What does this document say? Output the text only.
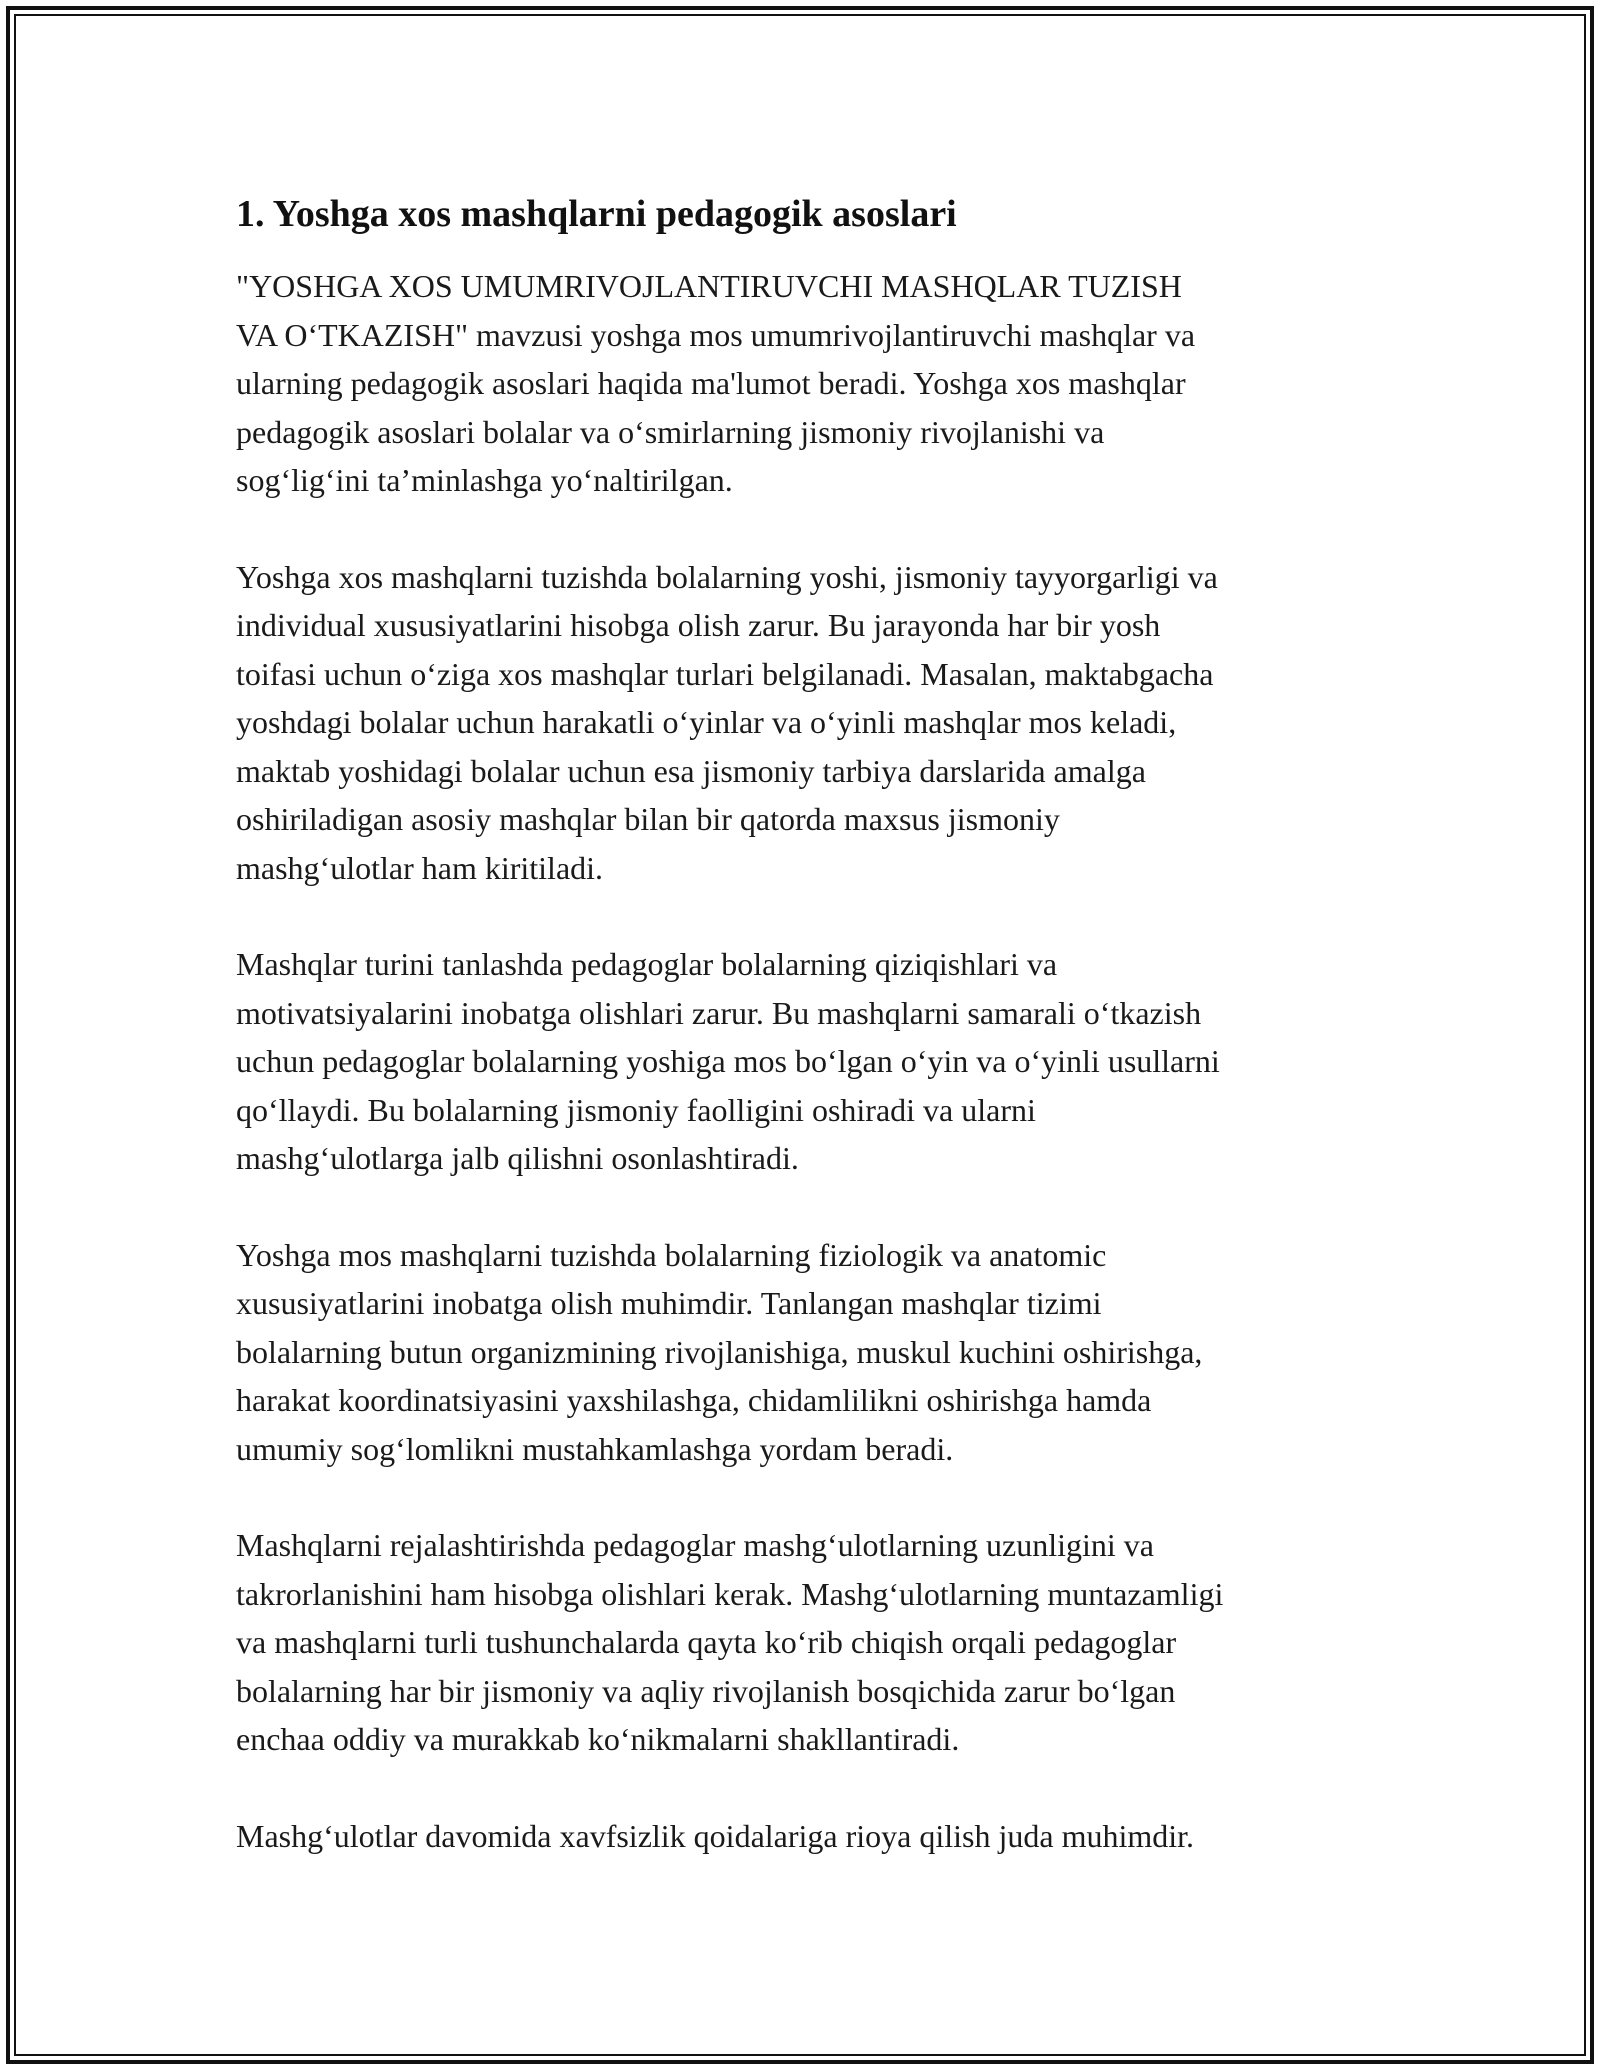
1. Yoshga xos mashqlarni pedagogik asoslari

"YOSHGA XOS UMUMRIVOJLANTIRUVCHI MASHQLAR TUZISH
VA O‘TKAZISH" mavzusi yoshga mos umumrivojlantiruvchi mashqlar va
ularning pedagogik asoslari haqida ma'lumot beradi. Yoshga xos mashqlar
pedagogik asoslari bolalar va o‘smirlarning jismoniy rivojlanishi va
sog‘lig‘ini ta’minlashga yo‘naltirilgan.

Yoshga xos mashqlarni tuzishda bolalarning yoshi, jismoniy tayyorgarligi va
individual xususiyatlarini hisobga olish zarur. Bu jarayonda har bir yosh
toifasi uchun o‘ziga xos mashqlar turlari belgilanadi. Masalan, maktabgacha
yoshdagi bolalar uchun harakatli o‘yinlar va o‘yinli mashqlar mos keladi,
maktab yoshidagi bolalar uchun esa jismoniy tarbiya darslarida amalga
oshiriladigan asosiy mashqlar bilan bir qatorda maxsus jismoniy
mashg‘ulotlar ham kiritiladi.

Mashqlar turini tanlashda pedagoglar bolalarning qiziqishlari va
motivatsiyalarini inobatga olishlari zarur. Bu mashqlarni samarali o‘tkazish
uchun pedagoglar bolalarning yoshiga mos bo‘lgan o‘yin va o‘yinli usullarni
qo‘llaydi. Bu bolalarning jismoniy faolligini oshiradi va ularni
mashg‘ulotlarga jalb qilishni osonlashtiradi.

Yoshga mos mashqlarni tuzishda bolalarning fiziologik va anatomic
xususiyatlarini inobatga olish muhimdir. Tanlangan mashqlar tizimi
bolalarning butun organizmining rivojlanishiga, muskul kuchini oshirishga,
harakat koordinatsiyasini yaxshilashga, chidamlilikni oshirishga hamda
umumiy sog‘lomlikni mustahkamlashga yordam beradi.

Mashqlarni rejalashtirishda pedagoglar mashg‘ulotlarning uzunligini va
takrorlanishini ham hisobga olishlari kerak. Mashg‘ulotlarning muntazamligi
va mashqlarni turli tushunchalarda qayta ko‘rib chiqish orqali pedagoglar
bolalarning har bir jismoniy va aqliy rivojlanish bosqichida zarur bo‘lgan
enchaa oddiy va murakkab ko‘nikmalarni shakllantiradi.

Mashg‘ulotlar davomida xavfsizlik qoidalariga rioya qilish juda muhimdir.
